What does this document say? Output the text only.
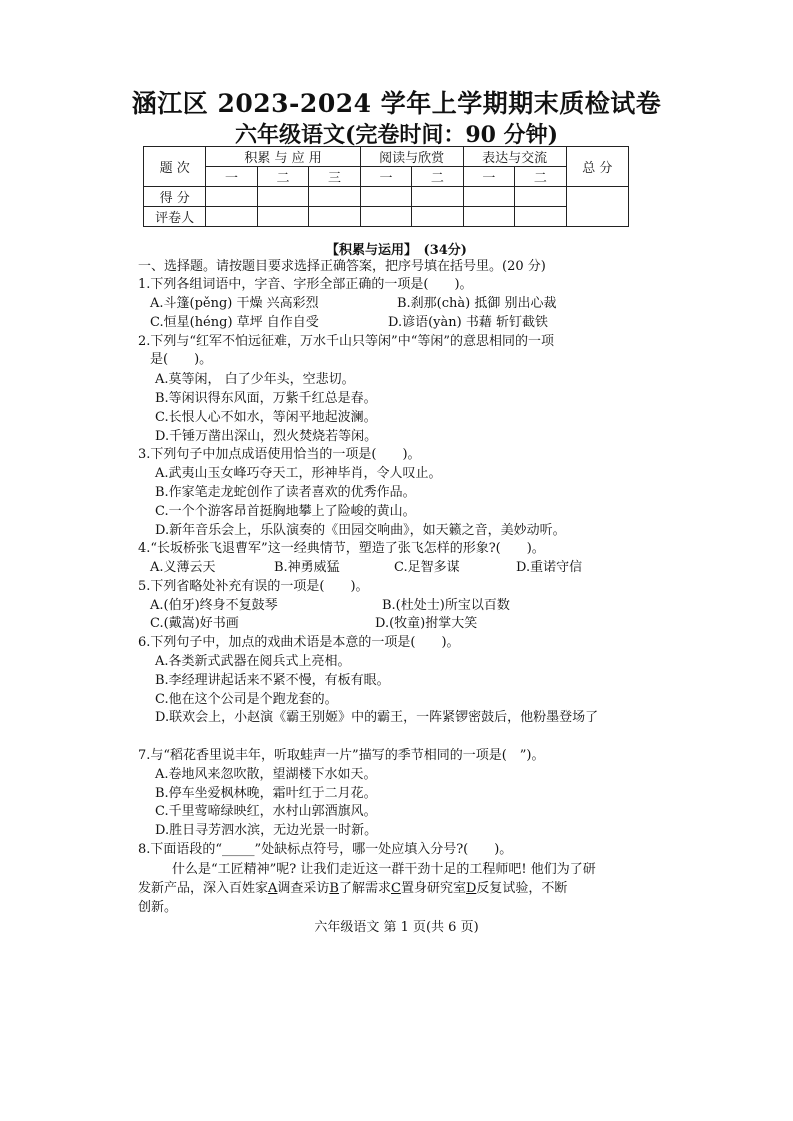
涵江区 2023-2024 学年上学期期末质检试卷
六年级语文(完卷时间：90 分钟)
题 次	积累 与 应 用			阅读与欣赏		表达与交流		总 分
	一	二	三	一	二	一	二	
得 分								
评卷人								
【积累与运用】　(34分)
一、选择题。请按题目要求选择正确答案，把序号填在括号里。(20 分)
1.下列各组词语中，字音、字形全部正确的一项是(　　)。
A.斗篷(pěng) 干燥 兴高彩烈	B.刹那(chà) 抵御 别出心裁
C.恒星(héng) 草坪 自作自受	D.谚语(yàn) 书藉 斩钉截铁
2.下列与“红军不怕远征难，万水千山只等闲”中“等闲”的意思相同的一项
是(　　)。
A.莫等闲， 白了少年头，空悲切。
B.等闲识得东风面，万紫千红总是春。
C.长恨人心不如水，等闲平地起波澜。
D.千锤万凿出深山，烈火焚烧若等闲。
3.下列句子中加点成语使用恰当的一项是(　　)。
A.武夷山玉女峰巧夺天工，形神毕肖，令人叹止。
B.作家笔走龙蛇创作了读者喜欢的优秀作品。
C.一个个游客昂首挺胸地攀上了险峻的黄山。
D.新年音乐会上，乐队演奏的《田园交响曲》，如天籁之音，美妙动听。
4.“长坂桥张飞退曹军”这一经典情节，塑造了张飞怎样的形象?(　　)。
A.义薄云天	B.神勇威猛	C.足智多谋	D.重诺守信
5.下列省略处补充有误的一项是(　　)。
A.(伯牙)终身不复鼓琴	B.(杜处士)所宝以百数
C.(戴嵩)好书画	D.(牧童)拊掌大笑
6.下列句子中，加点的戏曲术语是本意的一项是(　　)。
A.各类新式武器在阅兵式上亮相。
B.李经理讲起话来不紧不慢，有板有眼。
C.他在这个公司是个跑龙套的。
D.联欢会上，小赵演《霸王别姬》中的霸王，一阵紧锣密鼓后，他粉墨登场了
7.与“稻花香里说丰年，听取蛙声一片”描写的季节相同的一项是(　”)。
A.卷地风来忽吹散，望湖楼下水如天。
B.停车坐爱枫林晚，霜叶红于二月花。
C.千里莺啼绿映红，水村山郭酒旗风。
D.胜日寻芳泗水滨，无边光景一时新。
8.下面语段的“_____”处缺标点符号，哪一处应填入分号?(　　)。
什么是“工匠精神”呢? 让我们走近这一群干劲十足的工程师吧! 他们为了研
发新产品，深入百姓家A调查采访B了解需求C置身研究室D反复试验，不断
创新。
六年级语文 第 1 页(共 6 页)
